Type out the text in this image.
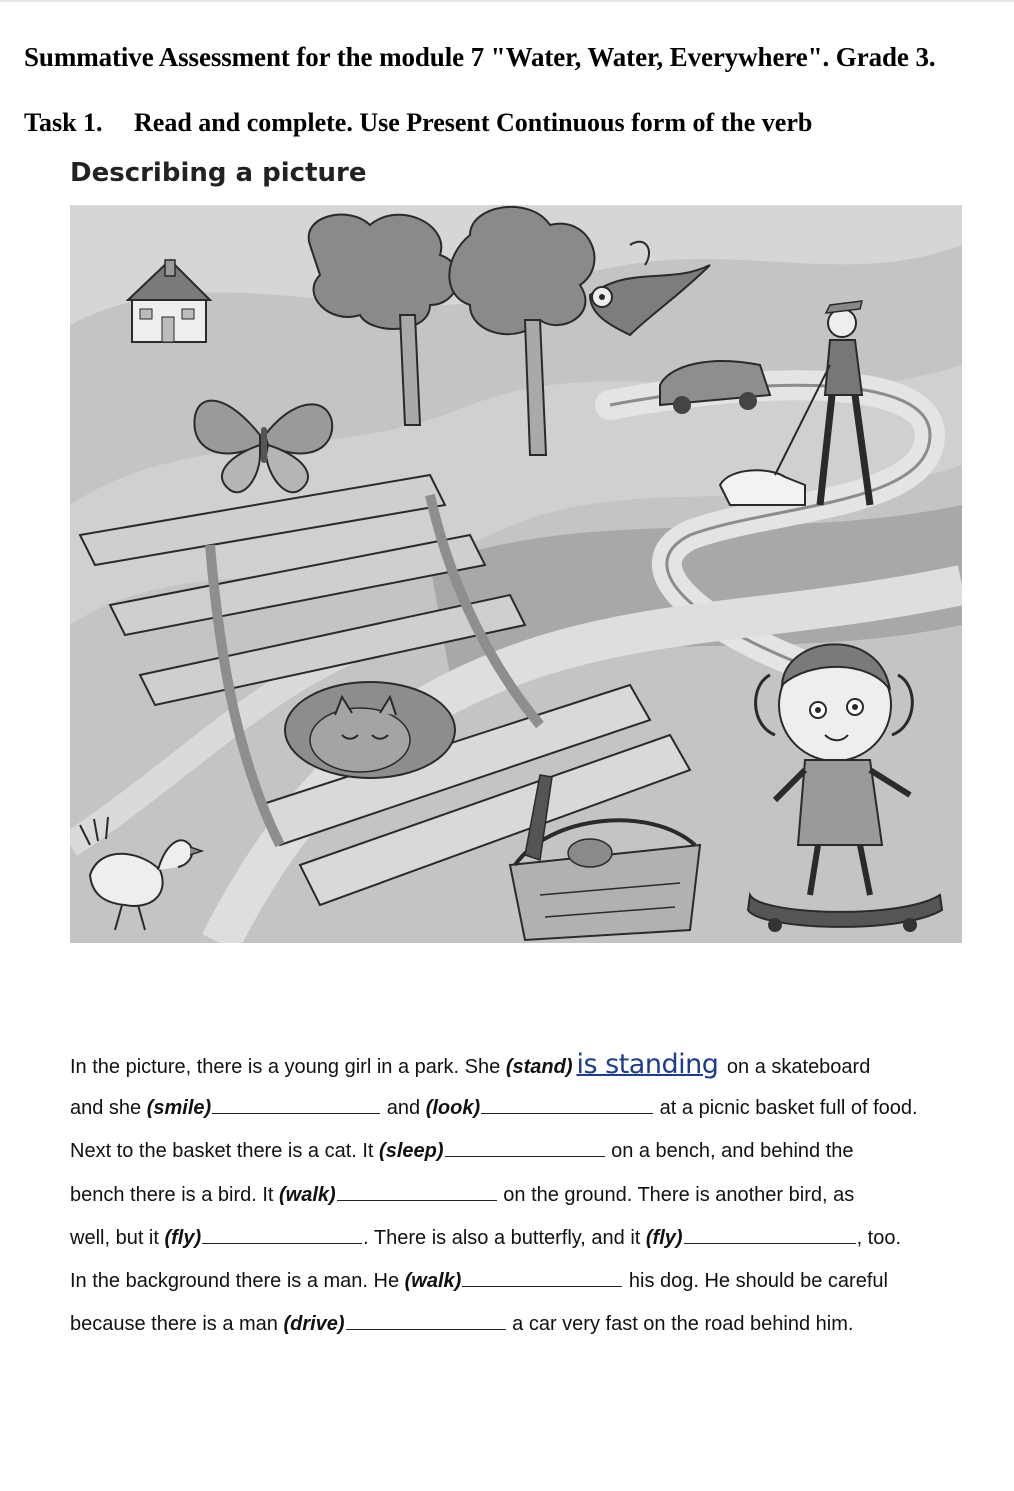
Summative Assessment for the module 7 "Water, Water, Everywhere". Grade 3.
Task 1. Read and complete. Use Present Continuous form of the verb
Describing a picture
In the picture, there is a young girl in a park. She (stand) is standing on a skateboard
and she (smile)	and (look)	at a picnic basket full of food.
Next to the basket there is a cat. It (sleep)	on a bench, and behind the
bench there is a bird. It (walk)	on the ground. There is another bird, as
well, but it (fly)	. There is also a butterfly, and it (fly)	, too.
In the background there is a man. He (walk)	his dog. He should be careful
because there is a man (drive)	a car very fast on the road behind him.
